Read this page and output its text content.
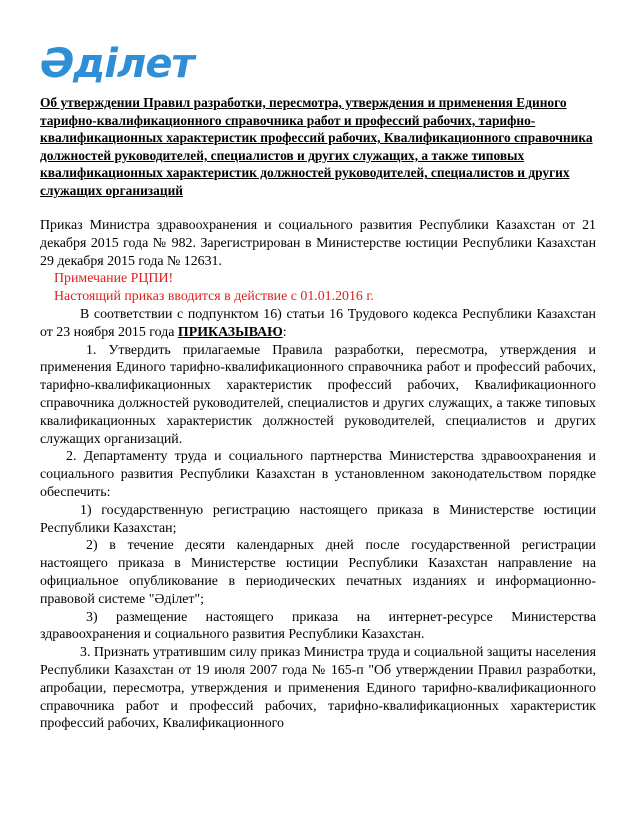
Әділет
Об утверждении Правил разработки, пересмотра, утверждения и применения Единого тарифно-квалификационного справочника работ и профессий рабочих, тарифно-квалификационных характеристик профессий рабочих, Квалификационного справочника должностей руководителей, специалистов и других служащих, а также типовых квалификационных характеристик должностей руководителей, специалистов и других служащих организаций

Приказ Министра здравоохранения и социального развития Республики Казахстан от 21 декабря 2015 года № 982. Зарегистрирован в Министерстве юстиции Республики Казахстан 29 декабря 2015 года № 12631.

Примечание РЦПИ!

Настоящий приказ вводится в действие с 01.01.2016 г.

В соответствии с подпунктом 16) статьи 16 Трудового кодекса Республики Казахстан от 23 ноября 2015 года ПРИКАЗЫВАЮ:

1. Утвердить прилагаемые Правила разработки, пересмотра, утверждения и применения Единого тарифно-квалификационного справочника работ и профессий рабочих, тарифно-квалификационных характеристик профессий рабочих, Квалификационного справочника должностей руководителей, специалистов и других служащих, а также типовых квалификационных характеристик должностей руководителей, специалистов и других служащих организаций.

2. Департаменту труда и социального партнерства Министерства здравоохранения и социального развития Республики Казахстан в установленном законодательством порядке обеспечить:

1) государственную регистрацию настоящего приказа в Министерстве юстиции Республики Казахстан;

2) в течение десяти календарных дней после государственной регистрации настоящего приказа в Министерстве юстиции Республики Казахстан направление на официальное опубликование в периодических печатных изданиях и информационно-правовой системе "Әділет";

3) размещение настоящего приказа на интернет-ресурсе Министерства здравоохранения и социального развития Республики Казахстан.

3. Признать утратившим силу приказ Министра труда и социальной защиты населения Республики Казахстан от 19 июля 2007 года № 165-п "Об утверждении Правил разработки, апробации, пересмотра, утверждения и применения Единого тарифно-квалификационного справочника работ и профессий рабочих, тарифно-квалификационных характеристик профессий рабочих, Квалификационного
